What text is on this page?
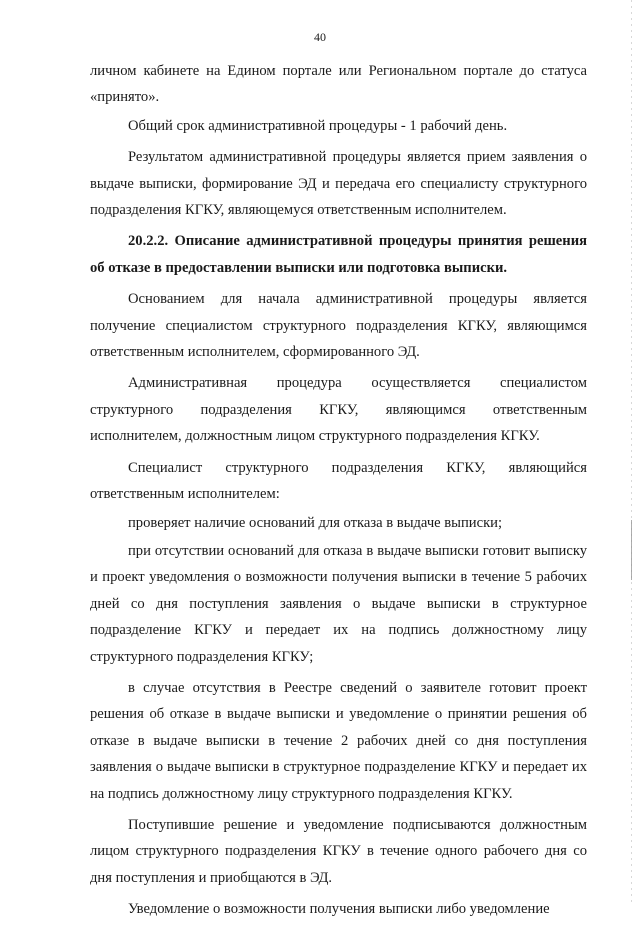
40

личном кабинете на Едином портале или Региональном портале до статуса «принято».

Общий срок административной процедуры - 1 рабочий день.

Результатом административной процедуры является прием заявления о выдаче выписки, формирование ЭД и передача его специалисту структурного подразделения КГКУ, являющемуся ответственным исполнителем.

20.2.2. Описание административной процедуры принятия решения об отказе в предоставлении выписки или подготовка выписки.

Основанием для начала административной процедуры является получение специалистом структурного подразделения КГКУ, являющимся ответственным исполнителем, сформированного ЭД.

Административная процедура осуществляется специалистом структурного подразделения КГКУ, являющимся ответственным исполнителем, должностным лицом структурного подразделения КГКУ.

Специалист структурного подразделения КГКУ, являющийся ответственным исполнителем:

проверяет наличие оснований для отказа в выдаче выписки;

при отсутствии оснований для отказа в выдаче выписки готовит выписку и проект уведомления о возможности получения выписки в течение 5 рабочих дней со дня поступления заявления о выдаче выписки в структурное подразделение КГКУ и передает их на подпись должностному лицу структурного подразделения КГКУ;

в случае отсутствия в Реестре сведений о заявителе готовит проект решения об отказе в выдаче выписки и уведомление о принятии решения об отказе в выдаче выписки в течение 2 рабочих дней со дня поступления заявления о выдаче выписки в структурное подразделение КГКУ и передает их на подпись должностному лицу структурного подразделения КГКУ.

Поступившие решение и уведомление подписываются должностным лицом структурного подразделения КГКУ в течение одного рабочего дня со дня поступления и приобщаются в ЭД.

Уведомление о возможности получения выписки либо уведомление
